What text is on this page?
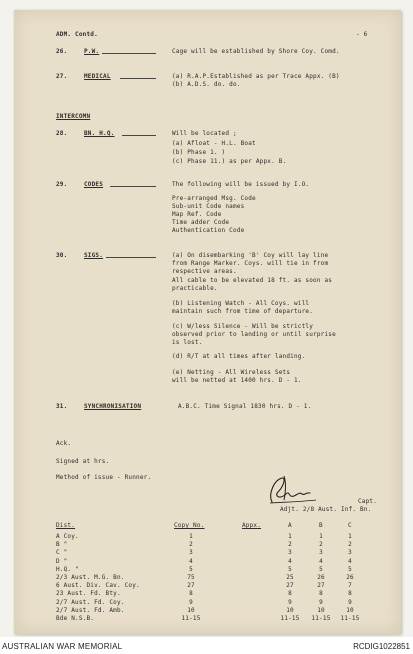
ADM. Contd.	- 6
26.	P.W.	Cage will be established by Shore Coy. Comd.
27.	MEDICAL	(a) R.A.P.Established as per Trace Appx. (B)
(b) A.D.S. do. do.
INTERCOMN
28.	BN. H.Q.	Will be located ;
(a) Afloat - H.L. Boat
(b) Phase 1. )
(c) Phase 11.) as per Appx. B.
29.	CODES	The following will be issued by I.O.
Pre-arranged Msg. Code
Sub-unit Code names
Map Ref. Code
Time adder Code
Authentication Code
30.	SIGS.	(a) On disembarking 'B' Coy will lay line
from Range Marker. Coys. will tie in from
respective areas.
All cable to be elevated 18 ft. as soon as
practicable.
(b) Listening Watch - All Coys. will
maintain such from time of departure.
(c) W/less Silence - Will be strictly
observed prior to landing or until surprise
is lost.
(d) R/T at all times after landing.
(e) Netting - All Wireless Sets
will be netted at 1400 hrs. D - 1.
31.	SYNCHRONISATION	A.B.C. Time Signal 1830 hrs. D - 1.
Ack.
Signed at hrs.
Method of issue - Runner.
Capt.
Adjt. 2/8 Aust. Inf. Bn.
Dist.	Copy No.	Appx.	A	B	C
A Coy.	1	1	1	1
B "	2	2	2	2
C "	3	3	3	3
D "	4	4	4	4
H.Q. "	5	5	5	5
2/3 Aust. M.G. Bn.	75	25	26	26
6 Aust. Div. Cav. Coy.	27	27	27	7
23 Aust. Fd. Bty.	8	8	8	8
2/7 Aust. Fd. Coy.	9	9	9	9
2/7 Aust. Fd. Amb.	10	10	10	10
Bde N.S.B.	11-15	11-15 11-15 11-15
AUSTRALIAN WAR MEMORIAL	RCDIG1022851
